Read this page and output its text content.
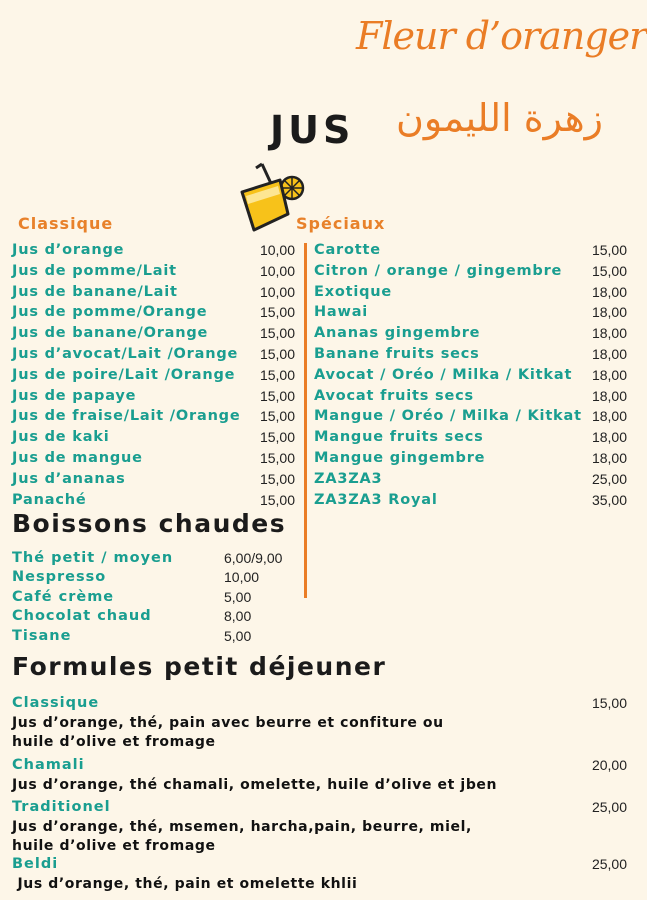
Fleur d’oranger
زهرة الليمون
JUS
Classique	Spéciaux
Jus d’orange	10,00
Jus de pomme/Lait	10,00
Jus de banane/Lait	10,00
Jus de pomme/Orange	15,00
Jus de banane/Orange	15,00
Jus d’avocat/Lait /Orange 15,00
Jus de poire/Lait /Orange 15,00
Jus de papaye	15,00
Jus de fraise/Lait /Orange 15,00
Jus de kaki	15,00
Jus de mangue	15,00
Jus d’ananas	15,00
Panaché	15,00
Carotte	15,00
Citron / orange / gingembre 15,00
Exotique	18,00
Hawai	18,00
Ananas gingembre	18,00
Banane fruits secs	18,00
Avocat / Oréo / Milka / Kitkat 18,00
Avocat fruits secs	18,00
Mangue / Oréo / Milka / Kitkat 18,00
Mangue fruits secs	18,00
Mangue gingembre	18,00
ZA3ZA3	25,00
ZA3ZA3 Royal	35,00
Boissons chaudes
Thé petit / moyen	6,00/9,00
Nespresso	10,00
Café crème	5,00
Chocolat chaud	8,00
Tisane	5,00
Formules petit déjeuner
Classique	15,00
Jus d’orange, thé, pain avec beurre et confiture ou
huile d’olive et fromage
Chamali	20,00
Jus d’orange, thé chamali, omelette, huile d’olive et jben
Traditionel	25,00
Jus d’orange, thé, msemen, harcha,pain, beurre, miel,
huile d’olive et fromage
Beldi	25,00
Jus d’orange, thé, pain et omelette khlii
